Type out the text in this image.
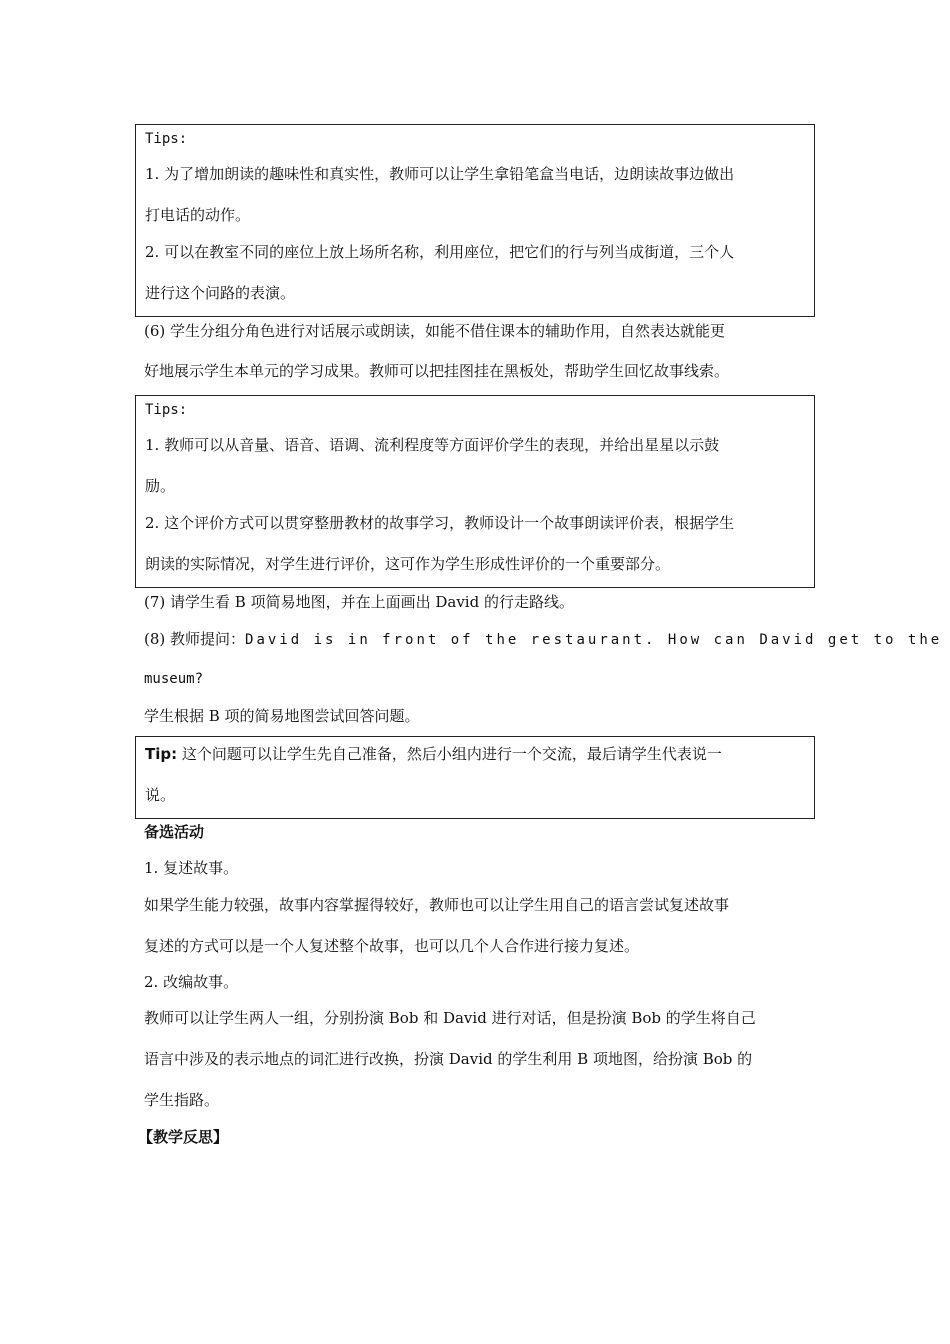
Tips:
1. 为了增加朗读的趣味性和真实性，教师可以让学生拿铅笔盒当电话，边朗读故事边做出
打电话的动作。
2. 可以在教室不同的座位上放上场所名称，利用座位，把它们的行与列当成街道，三个人
进行这个问路的表演。
(6) 学生分组分角色进行对话展示或朗读，如能不借住课本的辅助作用，自然表达就能更
好地展示学生本单元的学习成果。教师可以把挂图挂在黑板处，帮助学生回忆故事线索。
Tips:
1. 教师可以从音量、语音、语调、流利程度等方面评价学生的表现，并给出星星以示鼓
励。
2. 这个评价方式可以贯穿整册教材的故事学习，教师设计一个故事朗读评价表，根据学生
朗读的实际情况，对学生进行评价，这可作为学生形成性评价的一个重要部分。
(7) 请学生看 B 项简易地图，并在上面画出 David 的行走路线。
(8) 教师提问：David is in front of the restaurant. How can David get to the
museum?
学生根据 B 项的简易地图尝试回答问题。
Tip: 这个问题可以让学生先自己准备，然后小组内进行一个交流，最后请学生代表说一
说。
备选活动
1. 复述故事。
如果学生能力较强，故事内容掌握得较好，教师也可以让学生用自己的语言尝试复述故事
复述的方式可以是一个人复述整个故事，也可以几个人合作进行接力复述。
2. 改编故事。
教师可以让学生两人一组，分别扮演 Bob 和 David 进行对话，但是扮演 Bob 的学生将自己
语言中涉及的表示地点的词汇进行改换，扮演 David 的学生利用 B 项地图，给扮演 Bob 的
学生指路。
【教学反思】
